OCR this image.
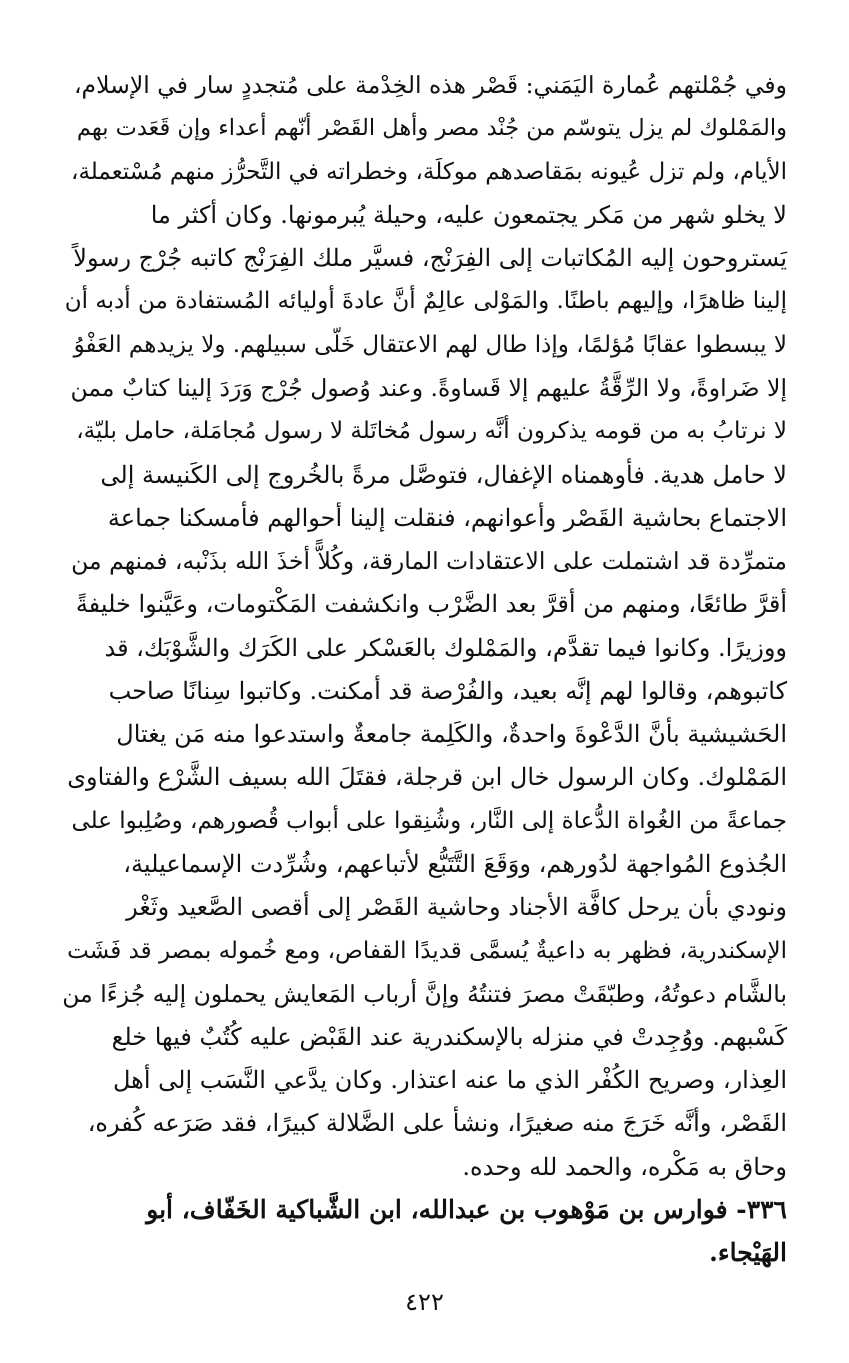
وفي جُمْلتهم عُمارة اليَمَني: قَصْر هذه الخِدْمة على مُتجددٍ سار في الإسلام،
والمَمْلوك لم يزل يتوسّم من جُنْد مصر وأهل القَصْر أنّهم أعداء وإن قَعَدت بهم
الأيام، ولم تزل عُيونه بمَقاصدهم موكلَة، وخطراته في التَّحرُّز منهم مُسْتعملة،
لا يخلو شهر من مَكر يجتمعون عليه، وحيلة يُبرمونها. وكان أكثر ما
يَستروحون إليه المُكاتبات إلى الفِرَنْج، فسيَّر ملك الفِرَنْج كاتبه جُرْج رسولاً
إلينا ظاهرًا، وإليهم باطنًا. والمَوْلى عالِمٌ أنَّ عادةَ أوليائه المُستفادة من أدبه أن
لا يبسطوا عقابًا مُؤلمًا، وإذا طال لهم الاعتقال خَلّى سبيلهم. ولا يزيدهم العَفْوُ
إلا ضَراوةً، ولا الرِّقَّةُ عليهم إلا قَساوةً. وعند وُصول جُرْج وَرَدَ إلينا كتابٌ ممن
لا نرتابُ به من قومه يذكرون أنَّه رسول مُخاتَلة لا رسول مُجامَلة، حامل بليّة،
لا حامل هدية. فأوهمناه الإغفال، فتوصَّل مرةً بالخُروج إلى الكَنيسة إلى
الاجتماع بحاشية القَصْر وأعوانهم، فنقلت إلينا أحوالهم فأمسكنا جماعة
متمرِّدة قد اشتملت على الاعتقادات المارقة، وكُلاًّ أخذَ الله بذَنْبه، فمنهم من
أقرَّ طائعًا، ومنهم من أقرَّ بعد الضَّرْب وانكشفت المَكْتومات، وعَيَّنوا خليفةً
ووزيرًا. وكانوا فيما تقدَّم، والمَمْلوك بالعَسْكر على الكَرَك والشَّوْبَك، قد
كاتبوهم، وقالوا لهم إنَّه بعيد، والفُرْصة قد أمكنت. وكاتبوا سِنانًا صاحب
الحَشيشية بأنَّ الدَّعْوةَ واحدةٌ، والكَلِمة جامعةٌ واستدعوا منه مَن يغتال
المَمْلوك. وكان الرسول خال ابن قرجلة، فقتَلَ الله بسيف الشَّرْع والفتاوى
جماعةً من الغُواة الدُّعاة إلى النَّار، وشُنِقوا على أبواب قُصورهم، وصُلِبوا على
الجُذوع المُواجهة لدُورهم، ووَقَعَ التَّتَبُّع لأتباعهم، وشُرِّدت الإسماعيلية،
ونودي بأن يرحل كافَّة الأجناد وحاشية القَصْر إلى أقصى الصَّعيد وثَغْر
الإسكندرية، فظهر به داعيةٌ يُسمَّى قديدًا القفاص، ومع خُموله بمصر قد فَشَت
بالشَّام دعوتُهُ، وطبّقَتْ مصرَ فتنتُهُ وإنَّ أرباب المَعايش يحملون إليه جُزءًا من
كَسْبهم. ووُجِدتْ في منزله بالإسكندرية عند القَبْض عليه كُتُبٌ فيها خلع
العِذار، وصريح الكُفْر الذي ما عنه اعتذار. وكان يدَّعي النَّسَب إلى أهل
القَصْر، وأنَّه خَرَجَ منه صغيرًا، ونشأ على الضَّلالة كبيرًا، فقد صَرَعه كُفره،
وحاق به مَكْره، والحمد لله وحده.
٣٣٦- فوارس بن مَوْهوب بن عبدالله، ابن الشَّباكية الخَفّاف، أبو
الهَيْجاء.
٤٢٢
